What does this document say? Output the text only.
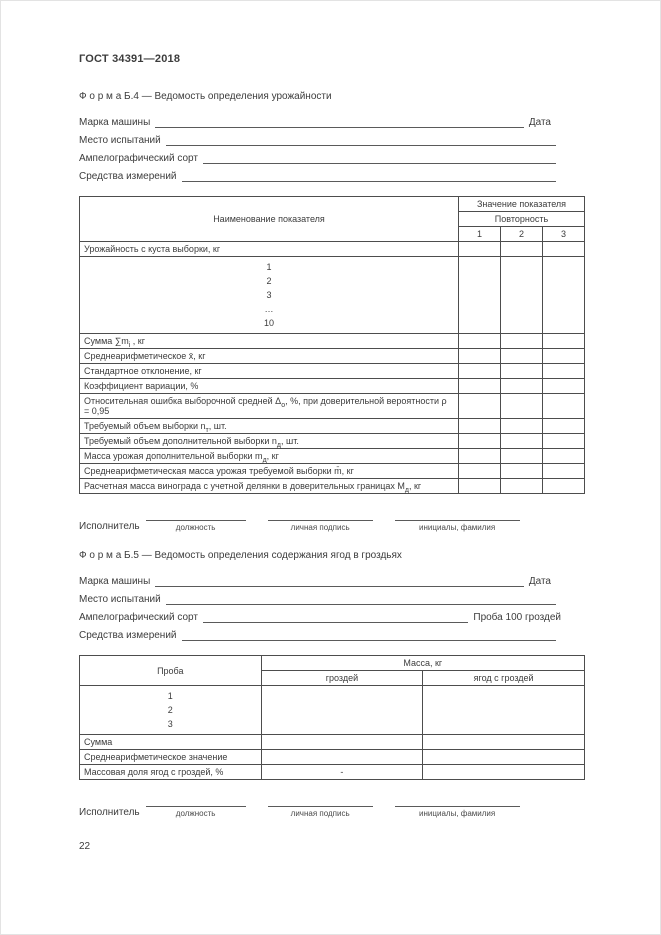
ГОСТ 34391—2018
Ф о р м а Б.4 — Ведомость определения урожайности
Марка машины	Дата
Место испытаний
Ампелографический сорт
Средства измерений
Наименование показателя	Значение показателя		
	Повторность		
	1	2	3
Урожайность с куста выборки, кг			

1
2
3
…
10			

Сумма $\sum m_i$ , кг			
Среднеарифметическое x̄, кг			
Стандартное отклонение, кг			
Коэффициент вариации, %			
Относительная ошибка выборочной средней $\Delta_о$, %, при доверительной вероятности ρ = 0,95			
Требуемый объем выборки $n_т$, шт.			
Требуемый объем дополнительной выборки $n_д$, шт.			
Масса урожая дополнительной выборки $m_д$, кг			
Среднеарифметическая масса урожая требуемой выборки m̄, кг			
Расчетная масса винограда с учетной делянки в доверительных границах $M_д$, кг			
Исполнитель	должность	личная подпись	инициалы, фамилия
Ф о р м а Б.5 — Ведомость определения содержания ягод в гроздьях
Марка машины	Дата
Место испытаний
Ампелографический сорт	Проба 100 гроздей
Средства измерений
Проба	Масса, кг	
	гроздей	ягод с гроздей

1
2
3		

Сумма		
Среднеарифметическое значение		
Массовая доля ягод с гроздей, %	-	
Исполнитель	должность	личная подпись	инициалы, фамилия
22
